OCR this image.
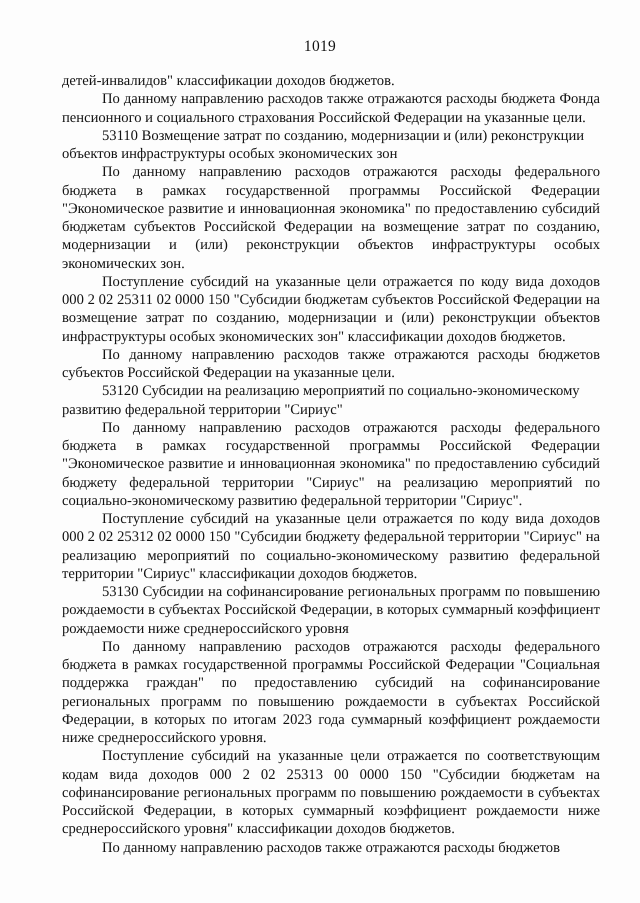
1019

детей-инвалидов" классификации доходов бюджетов.

По данному направлению расходов также отражаются расходы бюджета Фонда пенсионного и социального страхования Российской Федерации на указанные цели.

53110 Возмещение затрат по созданию, модернизации и (или) реконструкции объектов инфраструктуры особых экономических зон

По данному направлению расходов отражаются расходы федерального бюджета в рамках государственной программы Российской Федерации "Экономическое развитие и инновационная экономика" по предоставлению субсидий бюджетам субъектов Российской Федерации на возмещение затрат по созданию, модернизации и (или) реконструкции объектов инфраструктуры особых экономических зон.

Поступление субсидий на указанные цели отражается по коду вида доходов 000 2 02 25311 02 0000 150 "Субсидии бюджетам субъектов Российской Федерации на возмещение затрат по созданию, модернизации и (или) реконструкции объектов инфраструктуры особых экономических зон" классификации доходов бюджетов.

По данному направлению расходов также отражаются расходы бюджетов субъектов Российской Федерации на указанные цели.

53120 Субсидии на реализацию мероприятий по социально-экономическому развитию федеральной территории "Сириус"

По данному направлению расходов отражаются расходы федерального бюджета в рамках государственной программы Российской Федерации "Экономическое развитие и инновационная экономика" по предоставлению субсидий бюджету федеральной территории "Сириус" на реализацию мероприятий по социально-экономическому развитию федеральной территории "Сириус".

Поступление субсидий на указанные цели отражается по коду вида доходов 000 2 02 25312 02 0000 150 "Субсидии бюджету федеральной территории "Сириус" на реализацию мероприятий по социально-экономическому развитию федеральной территории "Сириус" классификации доходов бюджетов.

53130 Субсидии на софинансирование региональных программ по повышению рождаемости в субъектах Российской Федерации, в которых суммарный коэффициент рождаемости ниже среднероссийского уровня

По данному направлению расходов отражаются расходы федерального бюджета в рамках государственной программы Российской Федерации "Социальная поддержка граждан" по предоставлению субсидий на софинансирование региональных программ по повышению рождаемости в субъектах Российской Федерации, в которых по итогам 2023 года суммарный коэффициент рождаемости ниже среднероссийского уровня.

Поступление субсидий на указанные цели отражается по соответствующим кодам вида доходов 000 2 02 25313 00 0000 150 "Субсидии бюджетам на софинансирование региональных программ по повышению рождаемости в субъектах Российской Федерации, в которых суммарный коэффициент рождаемости ниже среднероссийского уровня" классификации доходов бюджетов.

По данному направлению расходов также отражаются расходы бюджетов
